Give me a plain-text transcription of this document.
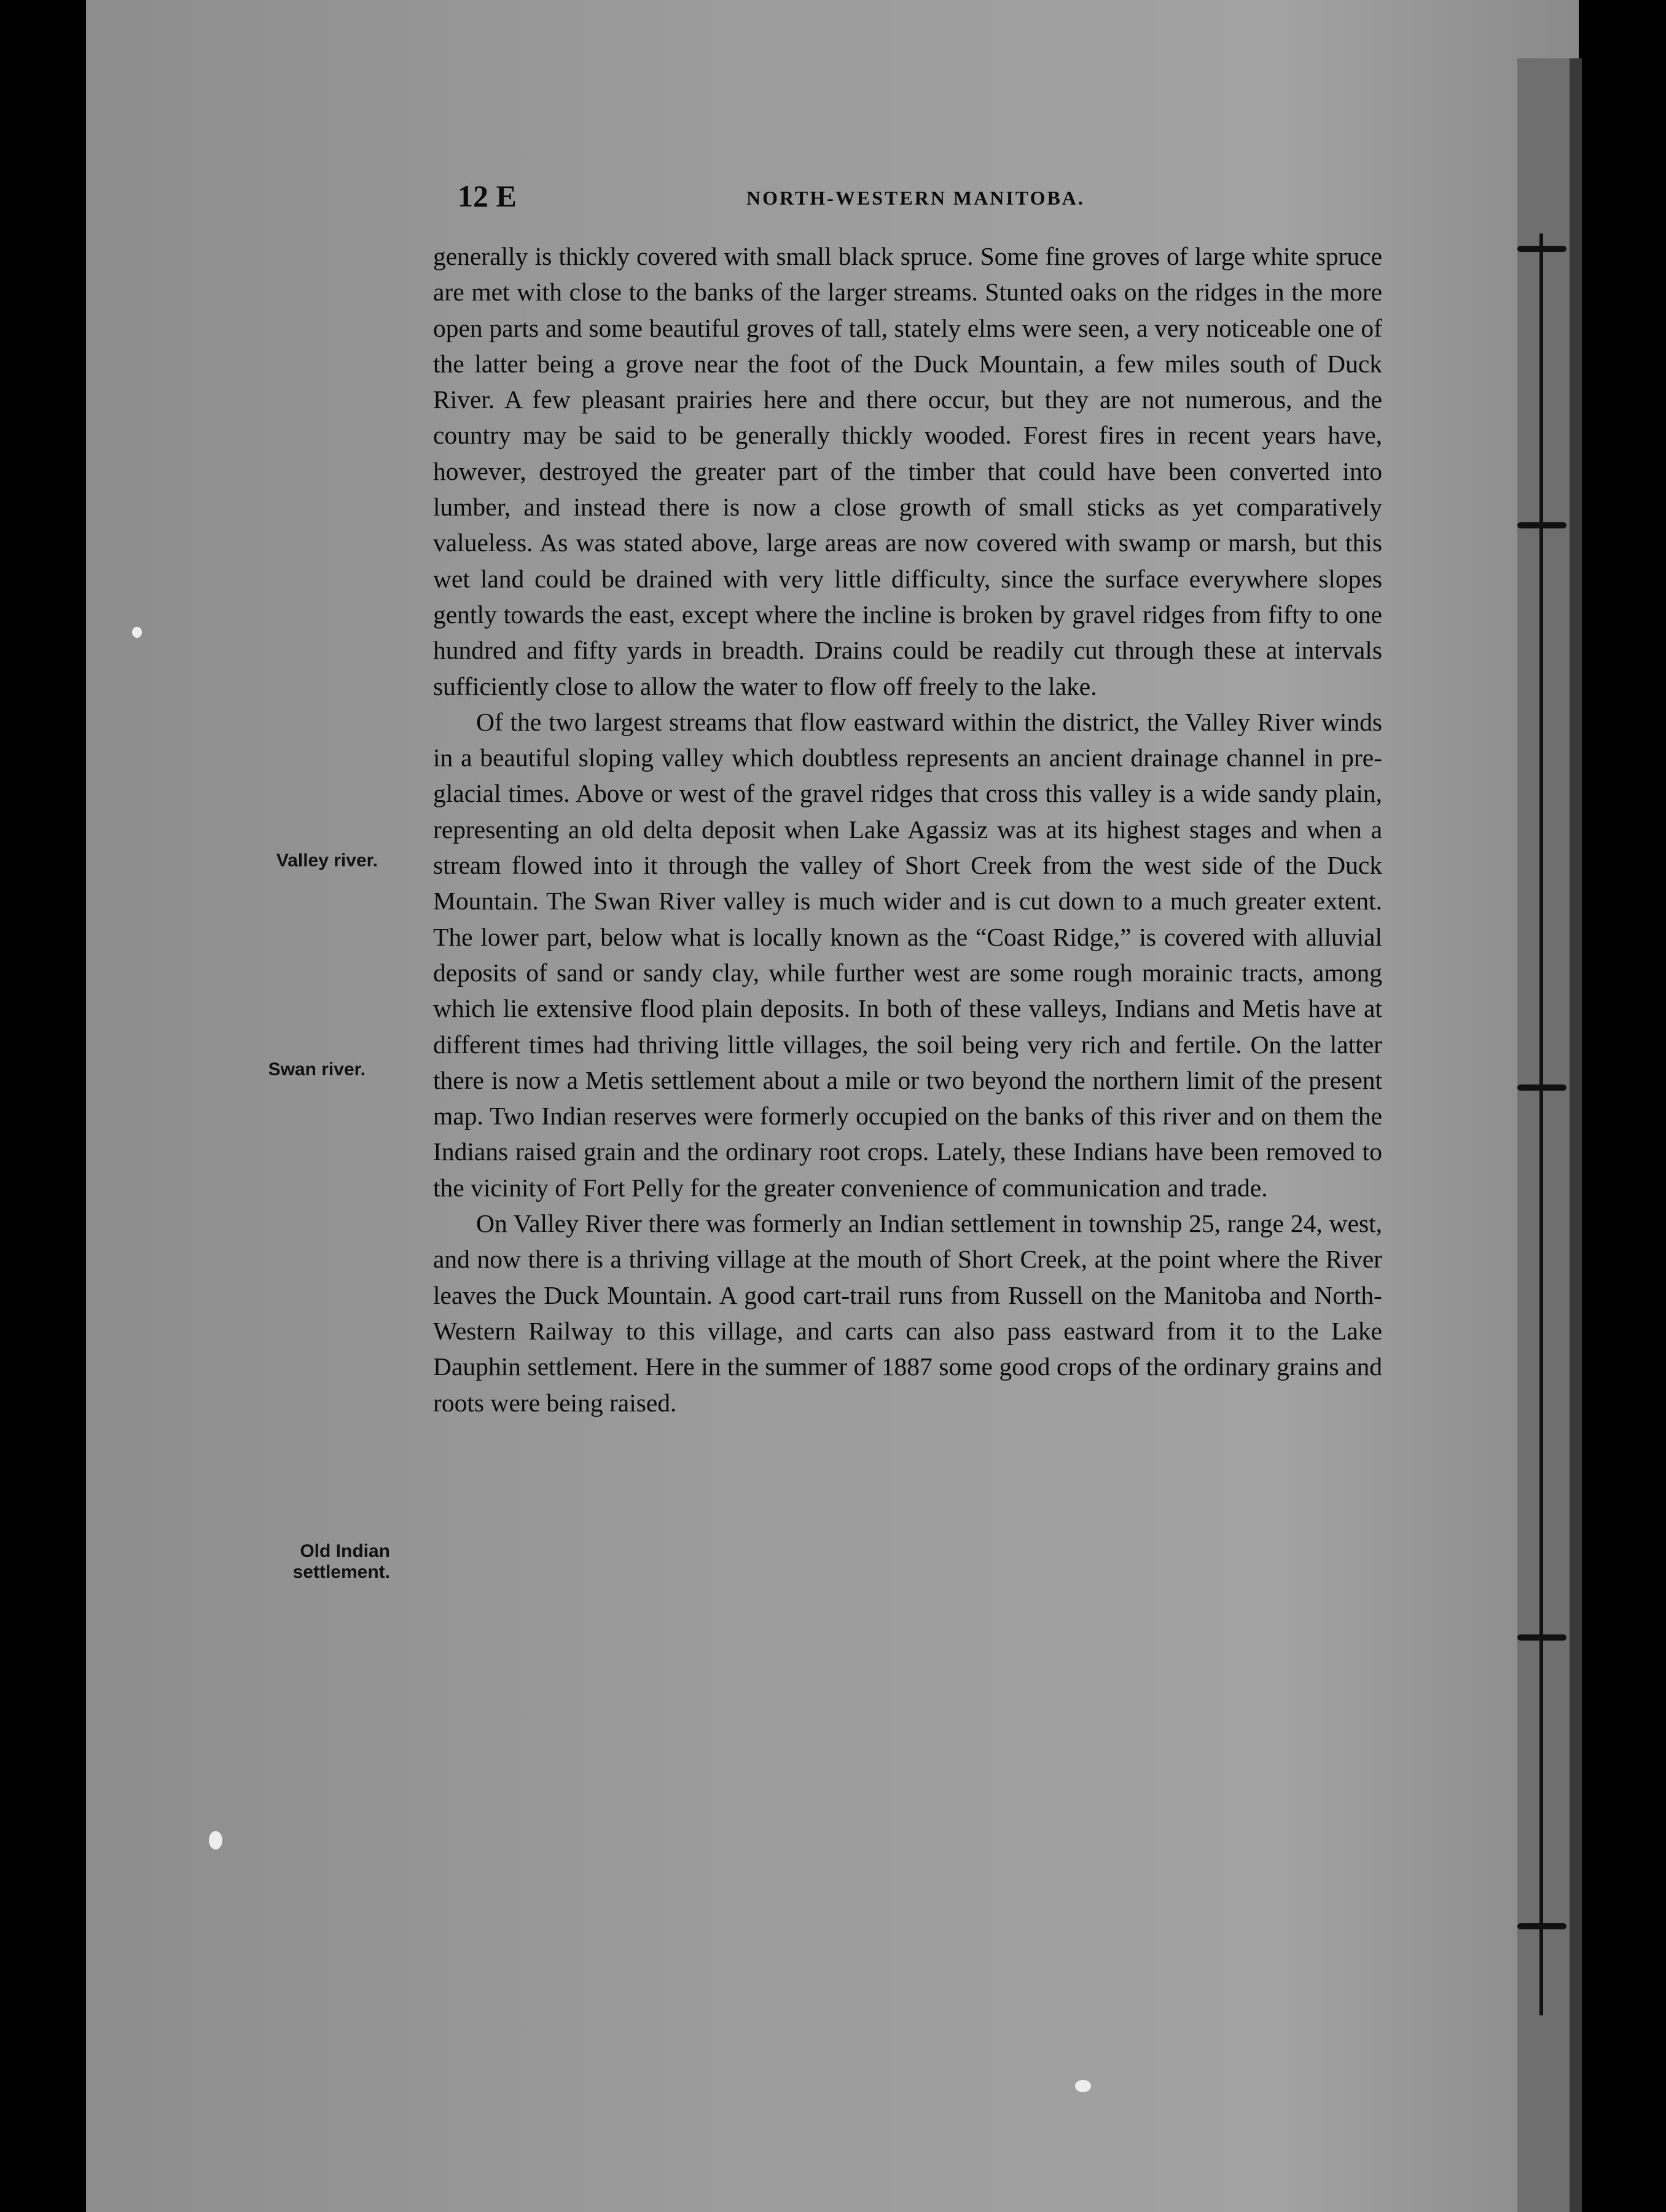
12 E	NORTH-WESTERN MANITOBA.
Valley river.
Swan river.
Old Indian
settlement.

generally is thickly covered with small black spruce. Some fine groves of large white spruce are met with close to the banks of the larger streams. Stunted oaks on the ridges in the more open parts and some beautiful groves of tall, stately elms were seen, a very noticeable one of the latter being a grove near the foot of the Duck Mountain, a few miles south of Duck River. A few pleasant prairies here and there occur, but they are not numerous, and the country may be said to be generally thickly wooded. Forest fires in recent years have, however, destroyed the greater part of the timber that could have been converted into lumber, and instead there is now a close growth of small sticks as yet comparatively valueless. As was stated above, large areas are now covered with swamp or marsh, but this wet land could be drained with very little difficulty, since the surface everywhere slopes gently towards the east, except where the incline is broken by gravel ridges from fifty to one hundred and fifty yards in breadth. Drains could be readily cut through these at intervals sufficiently close to allow the water to flow off freely to the lake.

Of the two largest streams that flow eastward within the district, the Valley River winds in a beautiful sloping valley which doubtless represents an ancient drainage channel in pre-glacial times. Above or west of the gravel ridges that cross this valley is a wide sandy plain, representing an old delta deposit when Lake Agassiz was at its highest stages and when a stream flowed into it through the valley of Short Creek from the west side of the Duck Mountain. The Swan River valley is much wider and is cut down to a much greater extent. The lower part, below what is locally known as the “Coast Ridge,” is covered with alluvial deposits of sand or sandy clay, while further west are some rough morainic tracts, among which lie extensive flood plain deposits. In both of these valleys, Indians and Metis have at different times had thriving little villages, the soil being very rich and fertile. On the latter there is now a Metis settlement about a mile or two beyond the northern limit of the present map. Two Indian reserves were formerly occupied on the banks of this river and on them the Indians raised grain and the ordinary root crops. Lately, these Indians have been removed to the vicinity of Fort Pelly for the greater convenience of communication and trade.

On Valley River there was formerly an Indian settlement in township 25, range 24, west, and now there is a thriving village at the mouth of Short Creek, at the point where the River leaves the Duck Mountain. A good cart-trail runs from Russell on the Manitoba and North-Western Railway to this village, and carts can also pass eastward from it to the Lake Dauphin settlement. Here in the summer of 1887 some good crops of the ordinary grains and roots were being raised.
